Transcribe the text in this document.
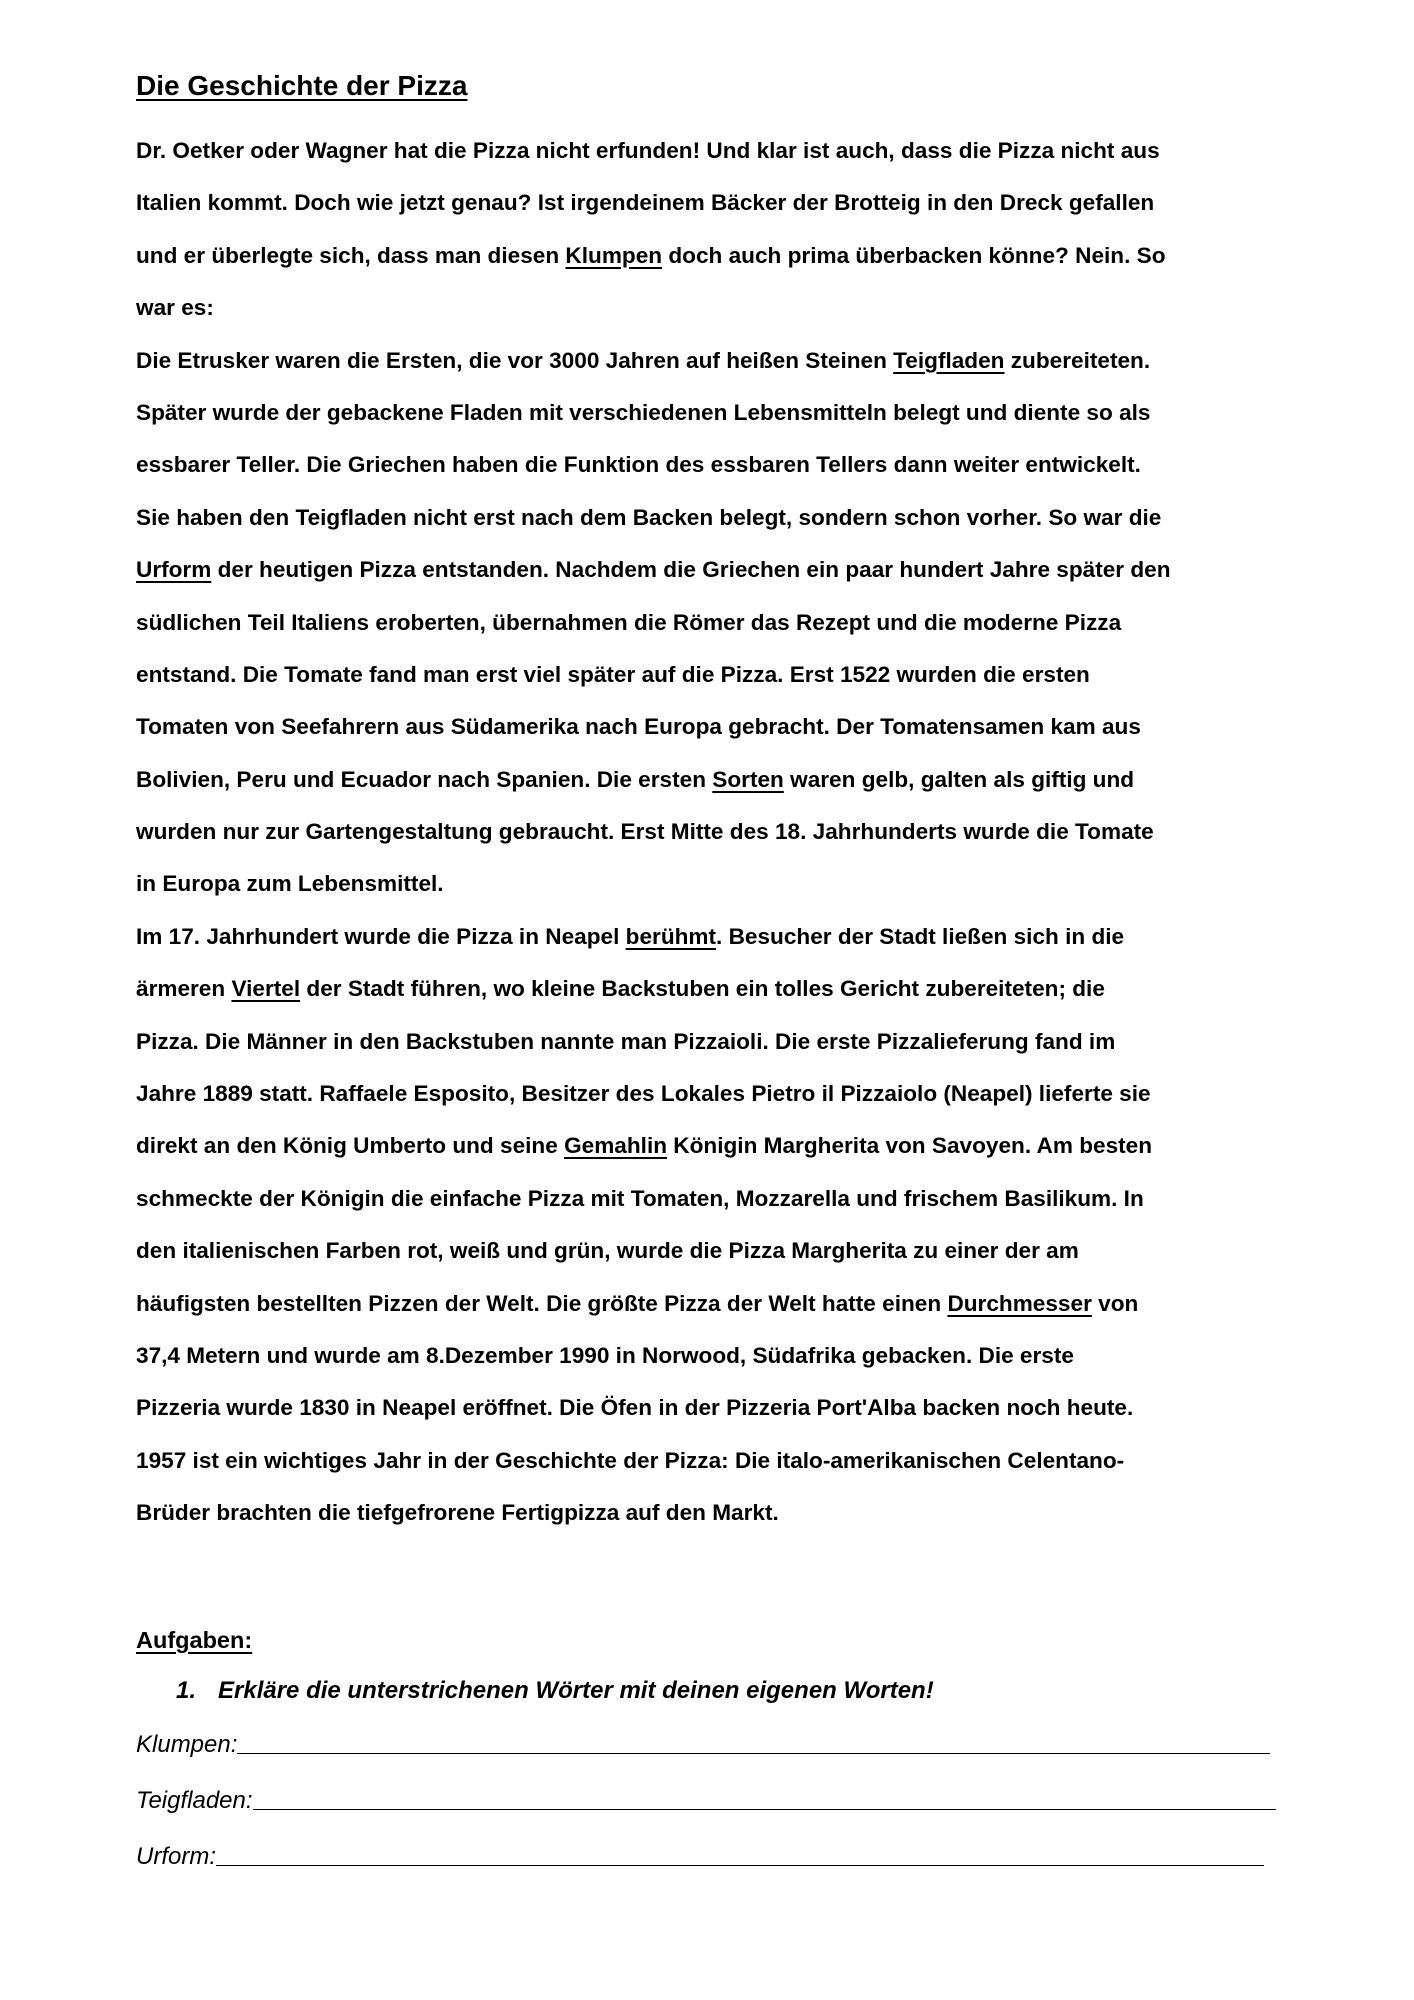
Die Geschichte der Pizza
Dr. Oetker oder Wagner hat die Pizza nicht erfunden! Und klar ist auch, dass die Pizza nicht aus
Italien kommt. Doch wie jetzt genau? Ist irgendeinem Bäcker der Brotteig in den Dreck gefallen
und er überlegte sich, dass man diesen Klumpen doch auch prima überbacken könne? Nein. So
war es:
Die Etrusker waren die Ersten, die vor 3000 Jahren auf heißen Steinen Teigfladen zubereiteten.
Später wurde der gebackene Fladen mit verschiedenen Lebensmitteln belegt und diente so als
essbarer Teller. Die Griechen haben die Funktion des essbaren Tellers dann weiter entwickelt.
Sie haben den Teigfladen nicht erst nach dem Backen belegt, sondern schon vorher. So war die
Urform der heutigen Pizza entstanden. Nachdem die Griechen ein paar hundert Jahre später den
südlichen Teil Italiens eroberten, übernahmen die Römer das Rezept und die moderne Pizza
entstand. Die Tomate fand man erst viel später auf die Pizza. Erst 1522 wurden die ersten
Tomaten von Seefahrern aus Südamerika nach Europa gebracht. Der Tomatensamen kam aus
Bolivien, Peru und Ecuador nach Spanien. Die ersten Sorten waren gelb, galten als giftig und
wurden nur zur Gartengestaltung gebraucht. Erst Mitte des 18. Jahrhunderts wurde die Tomate
in Europa zum Lebensmittel.
Im 17. Jahrhundert wurde die Pizza in Neapel berühmt. Besucher der Stadt ließen sich in die
ärmeren Viertel der Stadt führen, wo kleine Backstuben ein tolles Gericht zubereiteten; die
Pizza. Die Männer in den Backstuben nannte man Pizzaioli. Die erste Pizzalieferung fand im
Jahre 1889 statt. Raffaele Esposito, Besitzer des Lokales Pietro il Pizzaiolo (Neapel) lieferte sie
direkt an den König Umberto und seine Gemahlin Königin Margherita von Savoyen. Am besten
schmeckte der Königin die einfache Pizza mit Tomaten, Mozzarella und frischem Basilikum. In
den italienischen Farben rot, weiß und grün, wurde die Pizza Margherita zu einer der am
häufigsten bestellten Pizzen der Welt. Die größte Pizza der Welt hatte einen Durchmesser von
37,4 Metern und wurde am 8.Dezember 1990 in Norwood, Südafrika gebacken. Die erste
Pizzeria wurde 1830 in Neapel eröffnet. Die Öfen in der Pizzeria Port'Alba backen noch heute.
1957 ist ein wichtiges Jahr in der Geschichte der Pizza: Die italo-amerikanischen Celentano-
Brüder brachten die tiefgefrorene Fertigpizza auf den Markt.
Aufgaben:
1. Erkläre die unterstrichenen Wörter mit deinen eigenen Worten!
Klumpen:
Teigfladen:
Urform:
